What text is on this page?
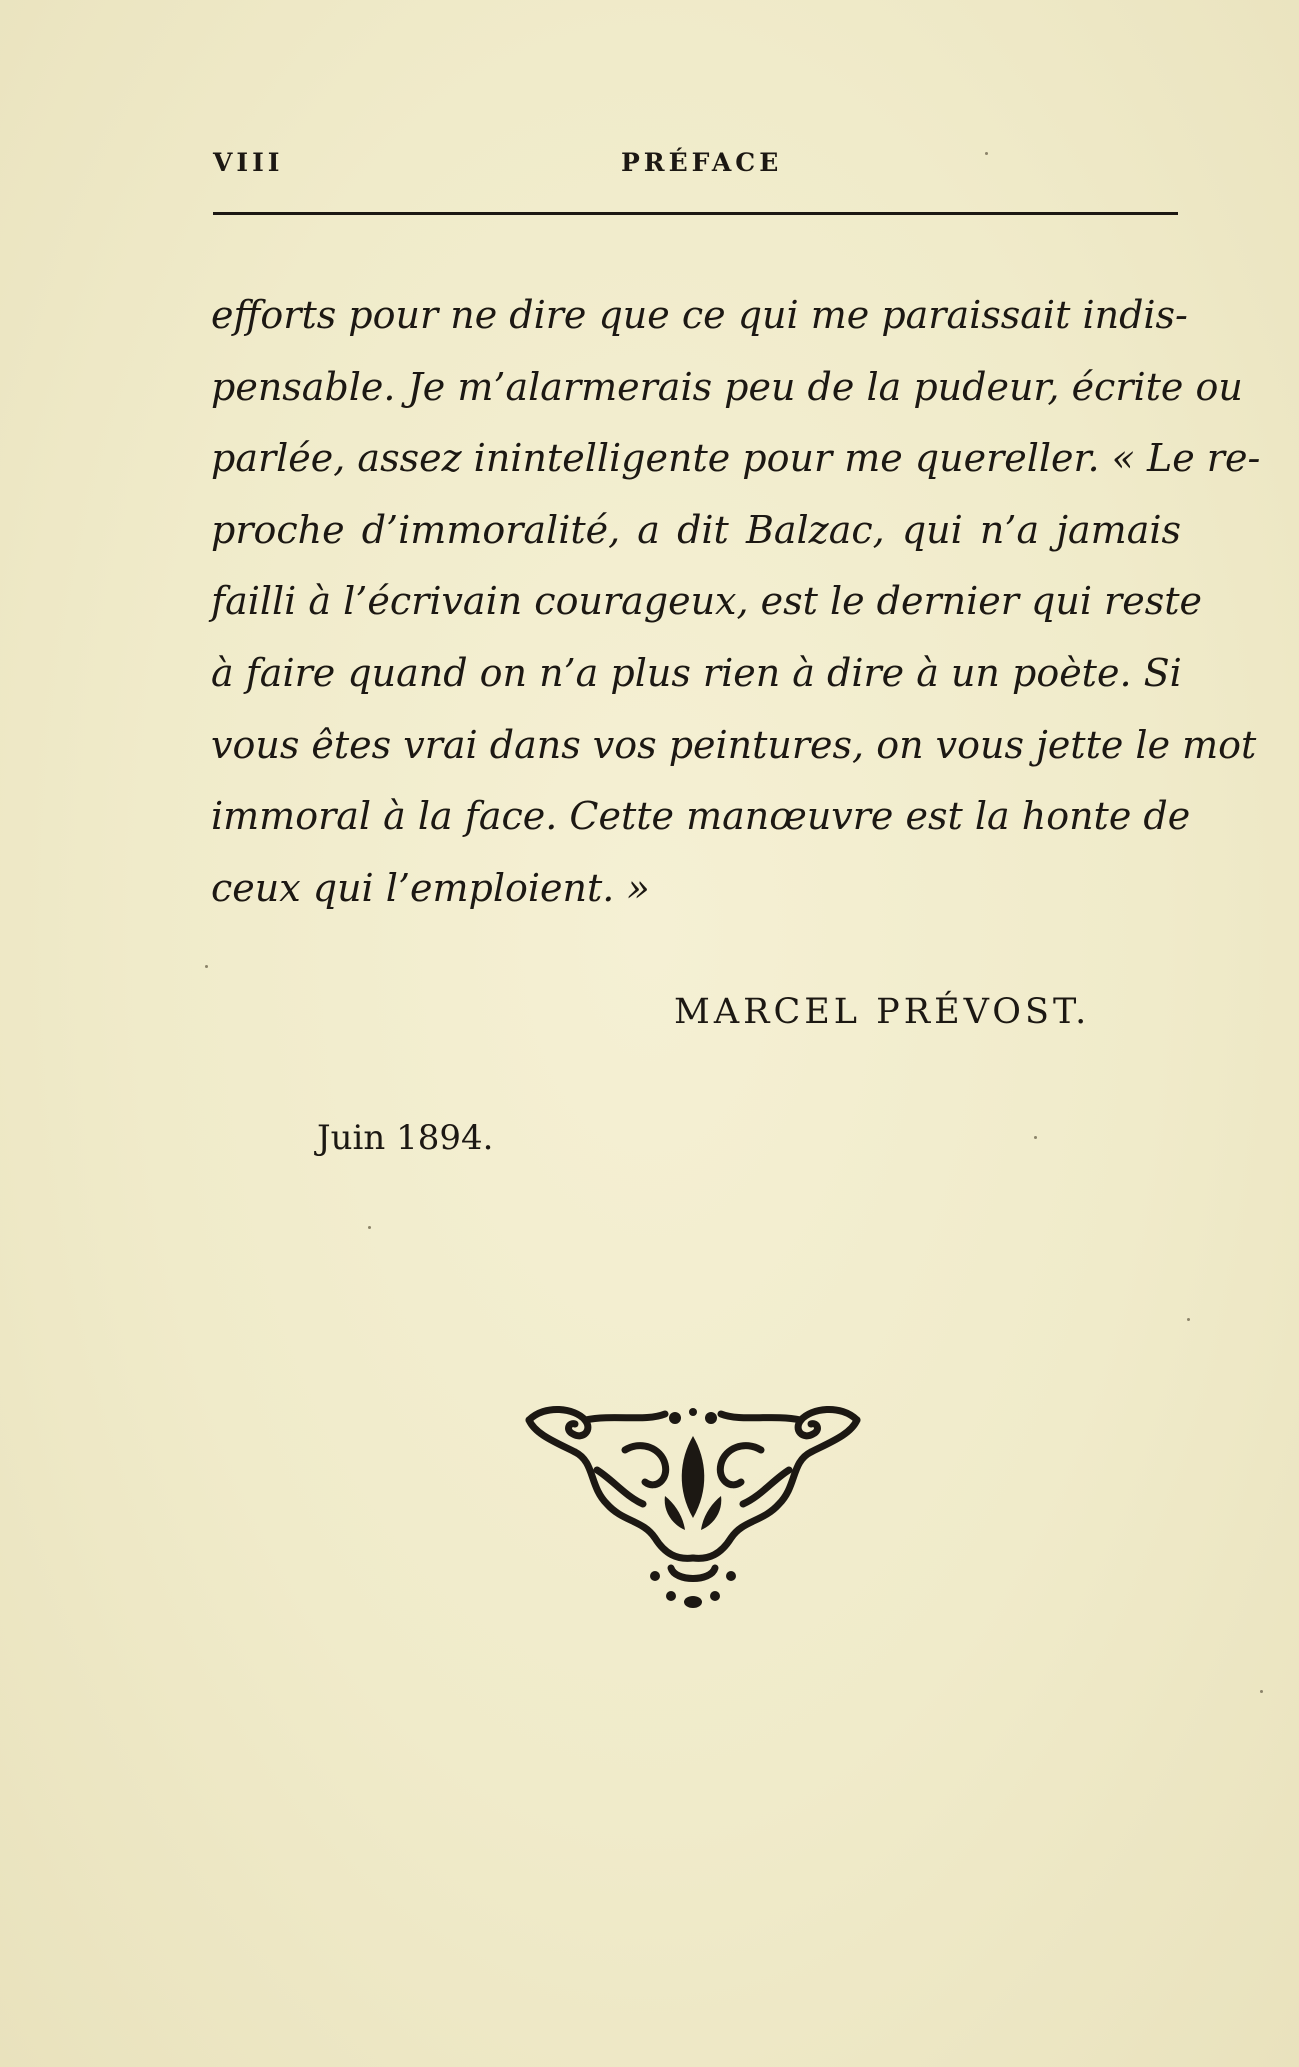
VIII	PRÉFACE
efforts pour ne dire que ce qui me paraissait indis-
pensable. Je m’alarmerais peu de la pudeur, écrite ou
parlée, assez inintelligente pour me quereller. « Le re-
proche d’immoralité, a dit Balzac, qui n’a jamais
failli à l’écrivain courageux, est le dernier qui reste
à faire quand on n’a plus rien à dire à un poète. Si
vous êtes vrai dans vos peintures, on vous jette le mot
immoral à la face. Cette manœuvre est la honte de
ceux qui l’emploient. »
MARCEL PRÉVOST.
Juin 1894.
